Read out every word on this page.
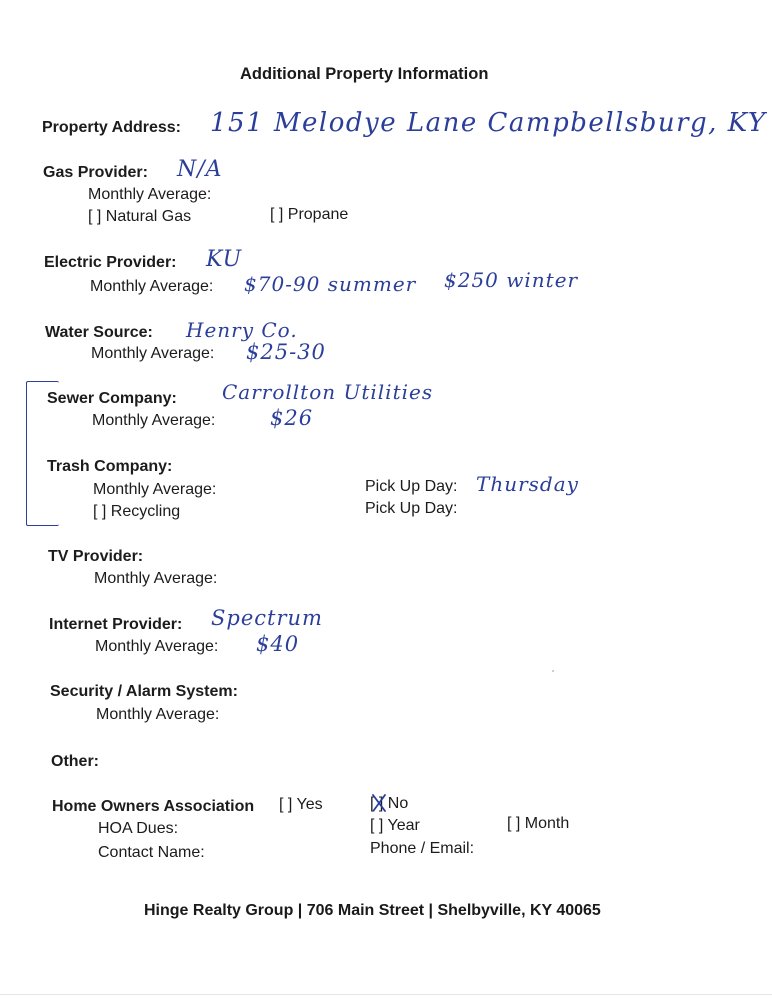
Additional Property Information
Property Address: 151 Melodye Lane Campbellsburg, KY
Gas Provider: N/A
Monthly Average:
[ ] Natural Gas	[ ] Propane
Electric Provider: KU
Monthly Average: $70-90 summer $250 winter
Water Source: Henry Co.
Monthly Average: $25-30
Sewer Company: Carrollton Utilities
Monthly Average:	$26
Trash Company:
Monthly Average:
[ ] Recycling
Pick Up Day: Thursday
Pick Up Day:
TV Provider:
Monthly Average:
Internet Provider: Spectrum
Monthly Average: $40
Security / Alarm System:
Monthly Average:
Other:
Home Owners Association [ ] Yes	[ ] No
HOA Dues:	[ ] Year	[ ] Month
Contact Name:	Phone / Email:
Hinge Realty Group | 706 Main Street | Shelbyville, KY 40065
